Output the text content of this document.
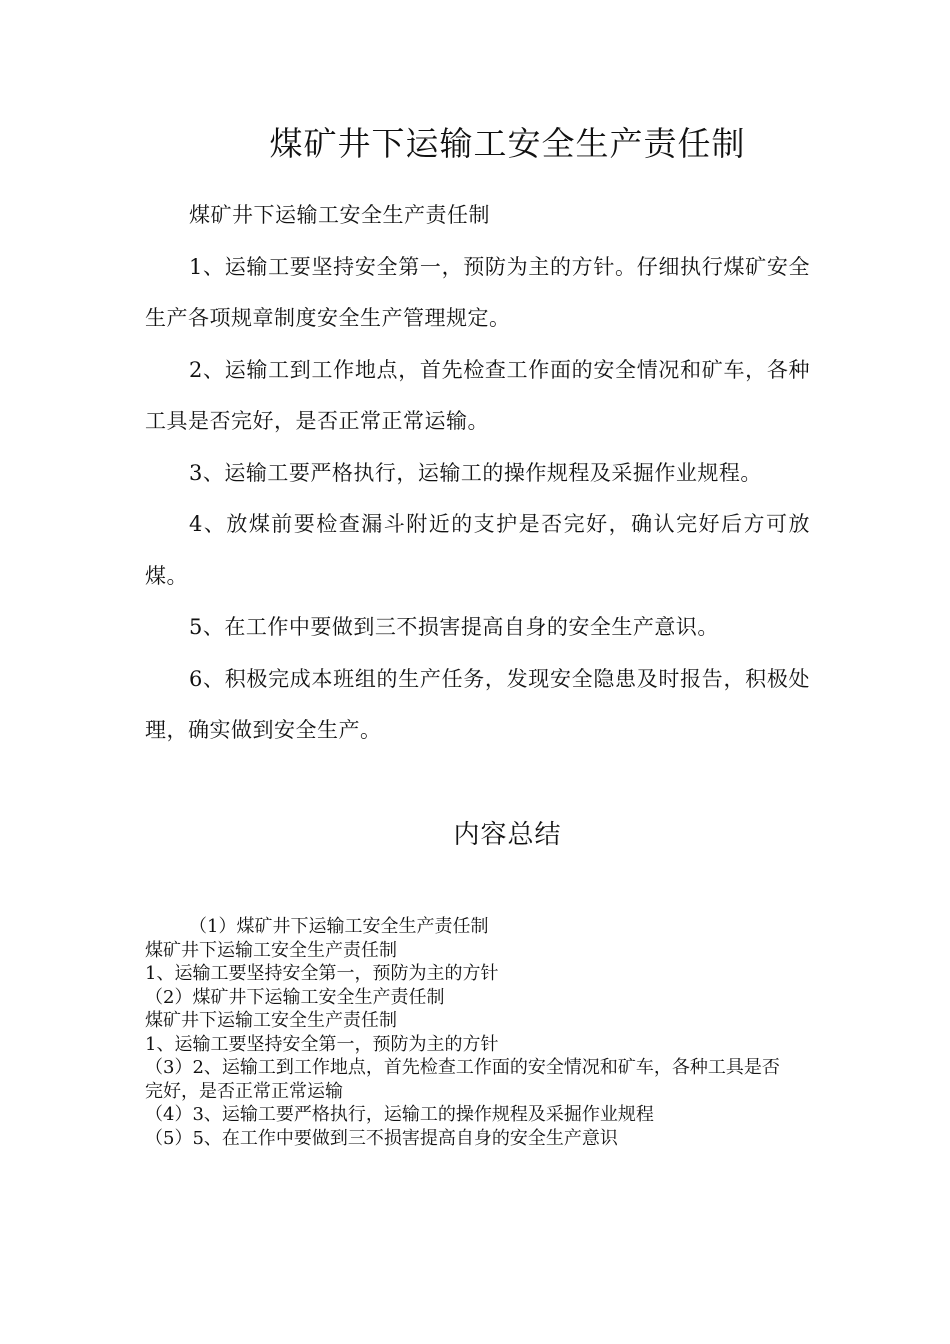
煤矿井下运输工安全生产责任制

煤矿井下运输工安全生产责任制

1、运输工要坚持安全第一，预防为主的方针。仔细执行煤矿安全生产各项规章制度安全生产管理规定。

2、运输工到工作地点，首先检查工作面的安全情况和矿车，各种工具是否完好，是否正常正常运输。

3、运输工要严格执行，运输工的操作规程及采掘作业规程。

4、放煤前要检查漏斗附近的支护是否完好，确认完好后方可放煤。

5、在工作中要做到三不损害提高自身的安全生产意识。

6、积极完成本班组的生产任务，发现安全隐患及时报告，积极处理，确实做到安全生产。

内容总结
（1）煤矿井下运输工安全生产责任制
煤矿井下运输工安全生产责任制
1、运输工要坚持安全第一，预防为主的方针
（2）煤矿井下运输工安全生产责任制
煤矿井下运输工安全生产责任制
1、运输工要坚持安全第一，预防为主的方针
（3）2、运输工到工作地点，首先检查工作面的安全情况和矿车，各种工具是否完好，是否正常正常运输
（4）3、运输工要严格执行，运输工的操作规程及采掘作业规程
（5）5、在工作中要做到三不损害提高自身的安全生产意识
